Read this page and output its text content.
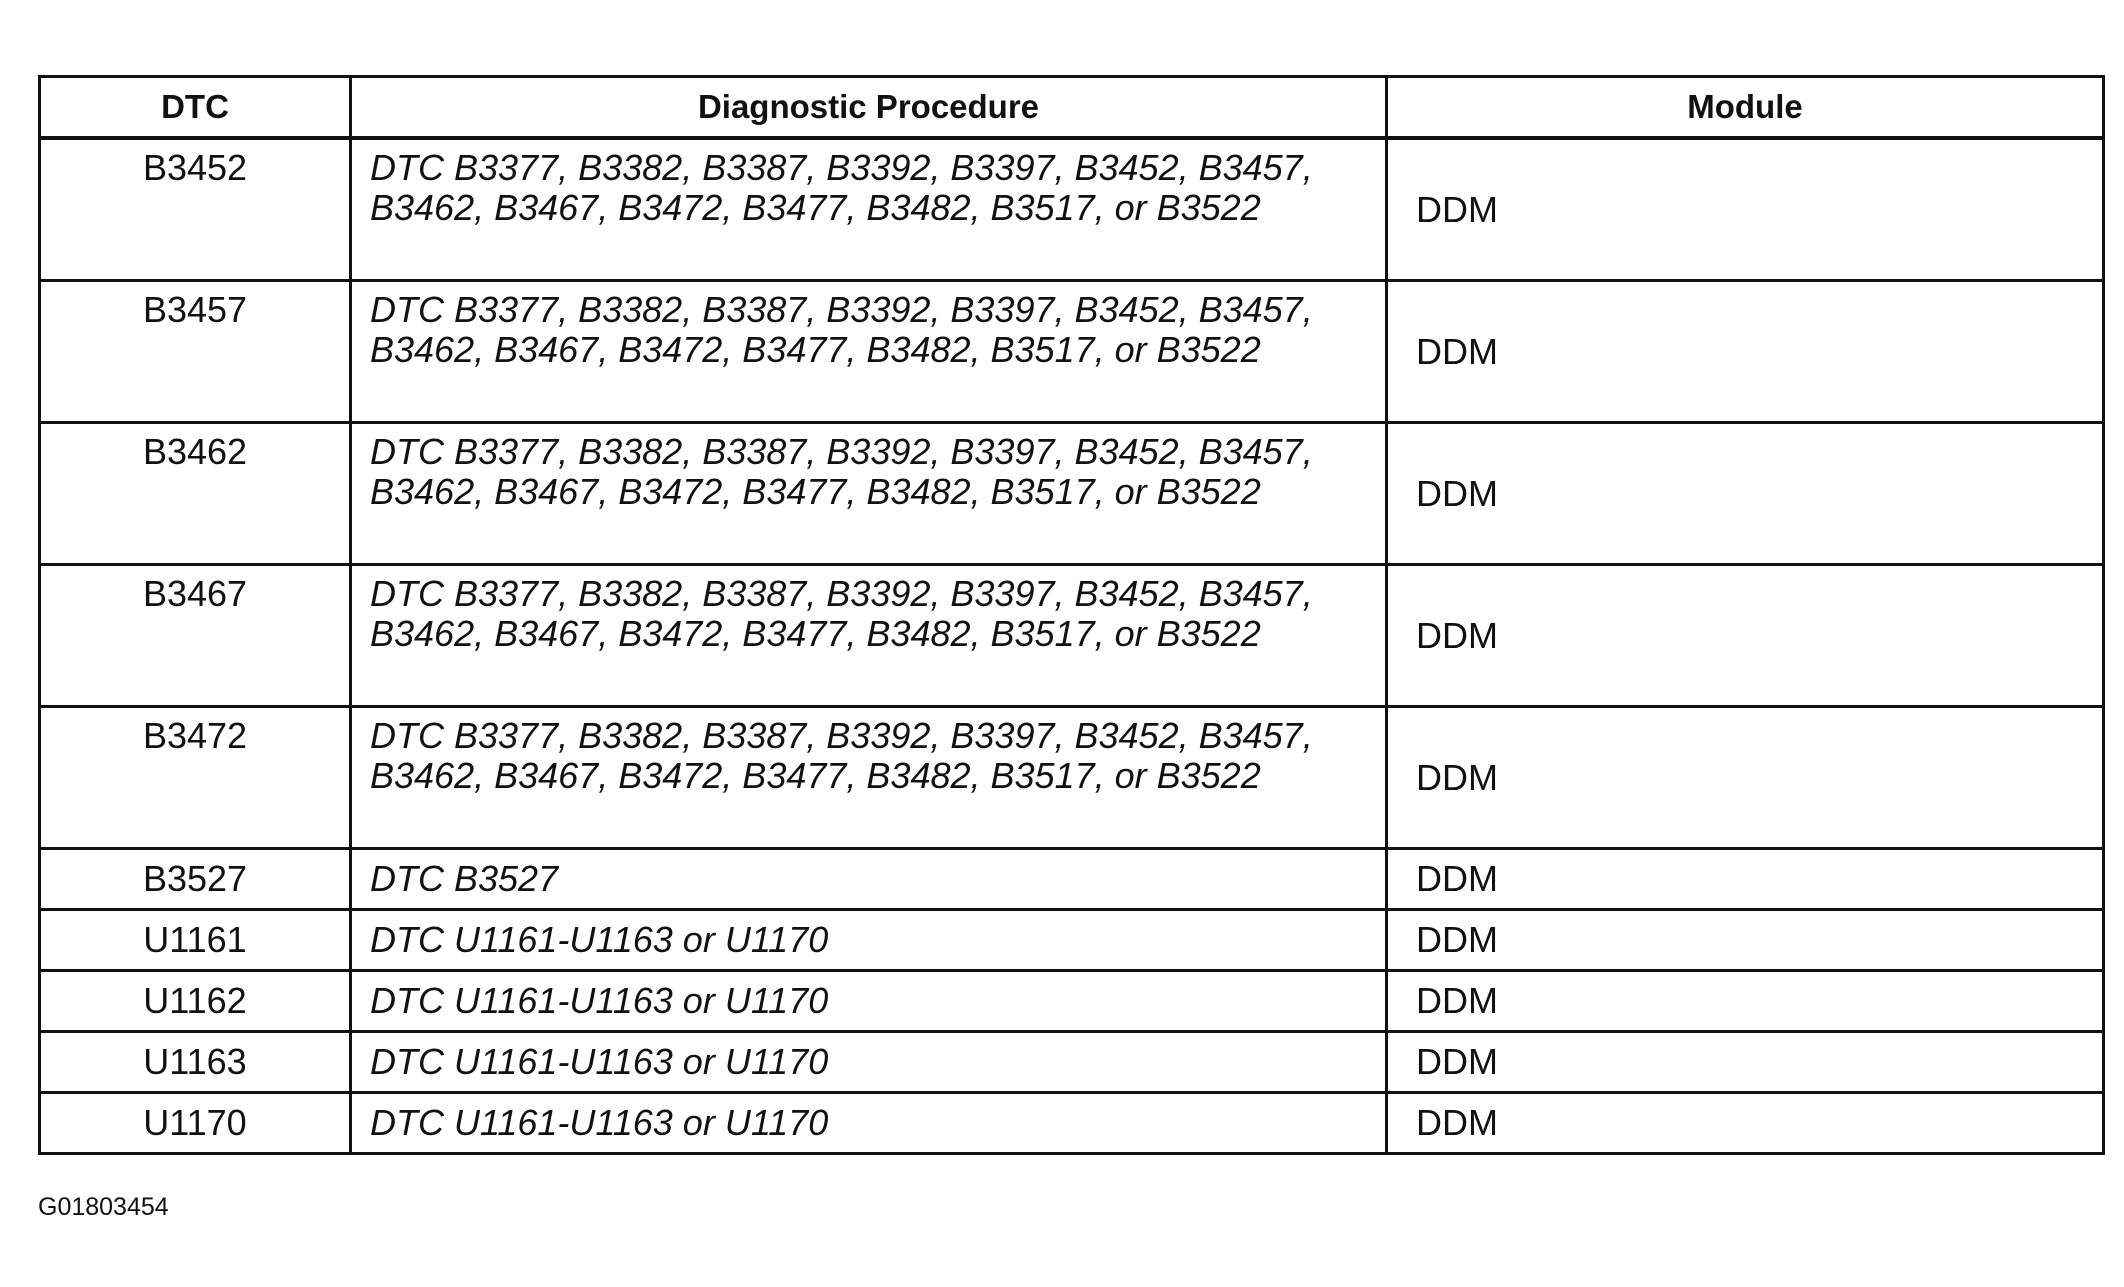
DTC	Diagnostic Procedure	Module
B3452	DTC B3377, B3382, B3387, B3392, B3397, B3452, B3457,
B3462, B3467, B3472, B3477, B3482, B3517, or B3522	DDM
B3457	DTC B3377, B3382, B3387, B3392, B3397, B3452, B3457,
B3462, B3467, B3472, B3477, B3482, B3517, or B3522	DDM
B3462	DTC B3377, B3382, B3387, B3392, B3397, B3452, B3457,
B3462, B3467, B3472, B3477, B3482, B3517, or B3522	DDM
B3467	DTC B3377, B3382, B3387, B3392, B3397, B3452, B3457,
B3462, B3467, B3472, B3477, B3482, B3517, or B3522	DDM
B3472	DTC B3377, B3382, B3387, B3392, B3397, B3452, B3457,
B3462, B3467, B3472, B3477, B3482, B3517, or B3522	DDM
B3527	DTC B3527	DDM
U1161	DTC U1161-U1163 or U1170	DDM
U1162	DTC U1161-U1163 or U1170	DDM
U1163	DTC U1161-U1163 or U1170	DDM
U1170	DTC U1161-U1163 or U1170	DDM
G01803454
